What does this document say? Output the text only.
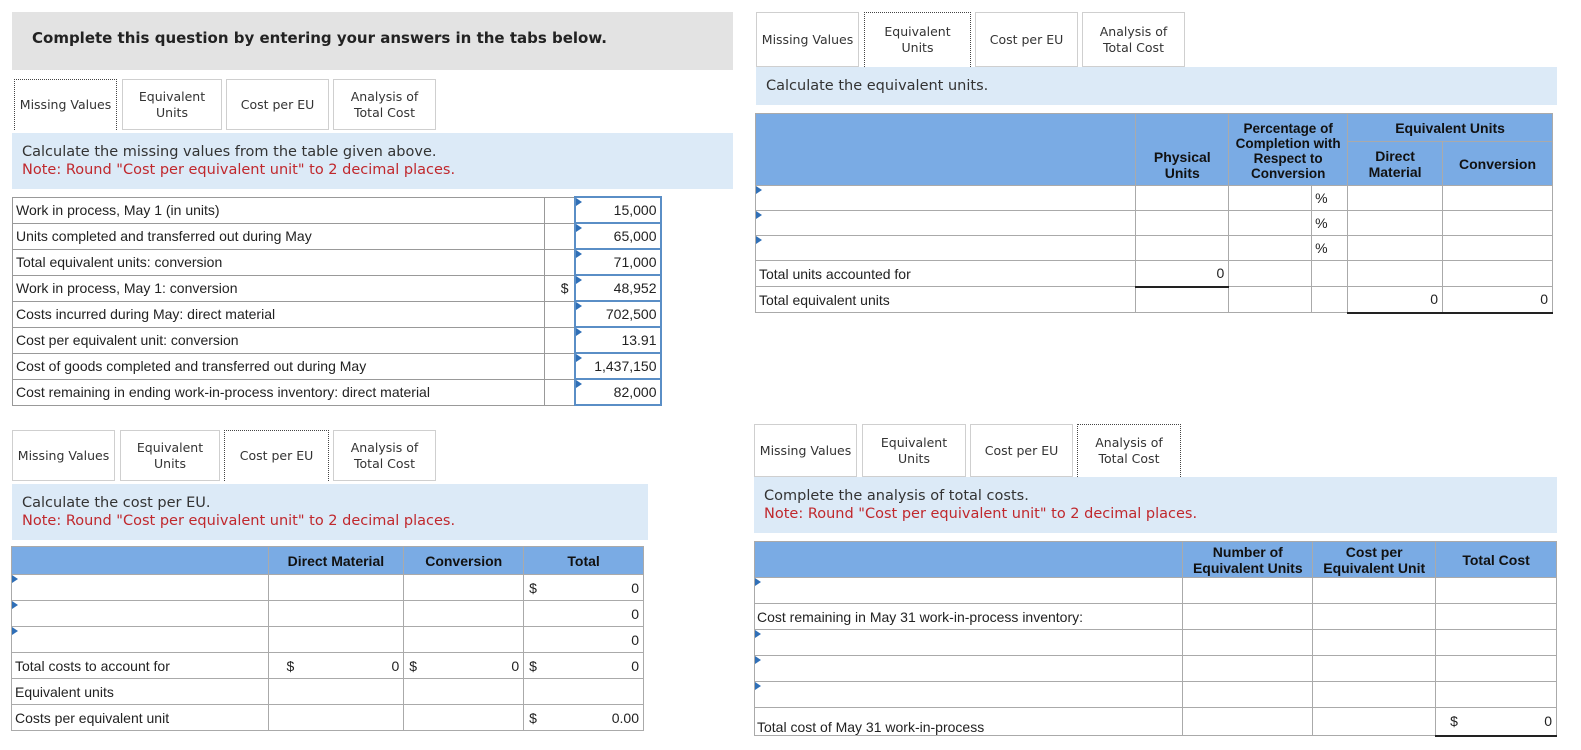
Complete this question by entering your answers in the tabs below.
Missing Values
Equivalent
Units
Cost per EU
Analysis of
Total Cost
Calculate the missing values from the table given above.
Note: Round "Cost per equivalent unit" to 2 decimal places.
Work in process, May 1 (in units)		15,000
Units completed and transferred out during May		65,000
Total equivalent units: conversion		71,000
Work in process, May 1: conversion	$	48,952
Costs incurred during May: direct material		702,500
Cost per equivalent unit: conversion		13.91
Cost of goods completed and transferred out during May		1,437,150
Cost remaining in ending work-in-process inventory: direct material		82,000
Missing Values
Equivalent
Units	Cost per EU
Analysis of
Total Cost
Calculate the cost per EU.
Note: Round "Cost per equivalent unit" to 2 decimal places.
	Direct Material	Conversion		Total	

				$	0

					0

					0
Total costs to account for	$ 0	$	0	$	0
Equivalent units					
Costs per equivalent unit				$	0.00
Missing Values Equivalent
Units
Cost per EU
Analysis of
Total Cost
Calculate the equivalent units.
	Physical Units	Percentage of Completion with Respect to Conversion		Equivalent Units	
				Direct Material	Conversion

			%		

			%		

			%		
Total units accounted for	0				
Total equivalent units				0	0
Missing Values
Equivalent
Units
Cost per EU	Analysis of
Total Cost
Complete the analysis of total costs.
Note: Round "Cost per equivalent unit" to 2 decimal places.
	Number of Equivalent Units	Cost per Equivalent Unit	Total Cost

Cost remaining in May 31 work-in-process inventory:			

Total cost of May 31 work-in-process			$ 0
